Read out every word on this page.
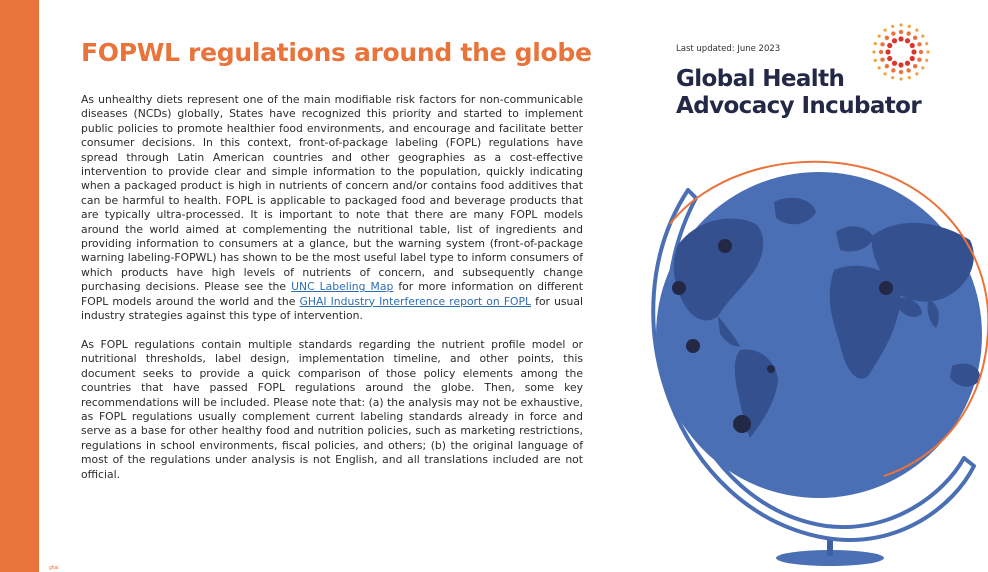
FOPWL regulations around the globe

As unhealthy diets represent one of the main modifiable risk factors for non-communicable diseases (NCDs) globally, States have recognized this priority and started to implement public policies to promote healthier food environments, and encourage and facilitate better consumer decisions. In this context, front-of-package labeling (FOPL) regulations have spread through Latin American countries and other geographies as a cost-effective intervention to provide clear and simple information to the population, quickly indicating when a packaged product is high in nutrients of concern and/or contains food additives that can be harmful to health. FOPL is applicable to packaged food and beverage products that are typically ultra-processed. It is important to note that there are many FOPL models around the world aimed at complementing the nutritional table, list of ingredients and providing information to consumers at a glance, but the warning system (front-of-package warning labeling-FOPWL) has shown to be the most useful label type to inform consumers of which products have high levels of nutrients of concern, and subsequently change purchasing decisions. Please see the UNC Labeling Map for more information on different FOPL models around the world and the GHAI Industry Interference report on FOPL for usual industry strategies against this type of intervention.

As FOPL regulations contain multiple standards regarding the nutrient profile model or nutritional thresholds, label design, implementation timeline, and other points, this document seeks to provide a quick comparison of those policy elements among the countries that have passed FOPL regulations around the globe. Then, some key recommendations will be included. Please note that: (a) the analysis may not be exhaustive, as FOPL regulations usually complement current labeling standards already in force and serve as a base for other healthy food and nutrition policies, such as marketing restrictions, regulations in school environments, fiscal policies, and others; (b) the original language of most of the regulations under analysis is not English, and all translations included are not official.

Last updated: June 2023
Global Health
Advocacy Incubator
ghai
